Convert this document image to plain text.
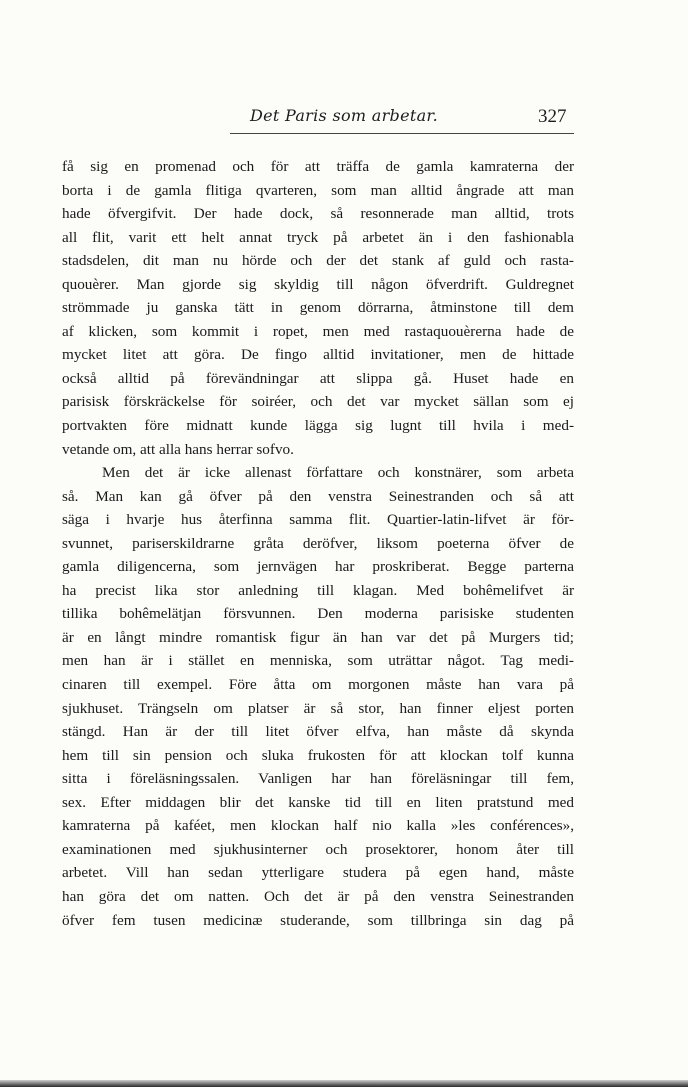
Det Paris som arbetar.	327
få sig en promenad och för att träffa de gamla kamraterna der
borta i de gamla flitiga qvarteren, som man alltid ångrade att man
hade öfvergifvit. Der hade dock, så resonnerade man alltid, trots
all flit, varit ett helt annat tryck på arbetet än i den fashionabla
stadsdelen, dit man nu hörde och der det stank af guld och rasta-
quouèrer. Man gjorde sig skyldig till någon öfverdrift. Guldregnet
strömmade ju ganska tätt in genom dörrarna, åtminstone till dem
af klicken, som kommit i ropet, men med rastaquouèrerna hade de
mycket litet att göra. De fingo alltid invitationer, men de hittade
också alltid på förevändningar att slippa gå. Huset hade en
parisisk förskräckelse för soiréer, och det var mycket sällan som ej
portvakten före midnatt kunde lägga sig lugnt till hvila i med-
vetande om, att alla hans herrar sofvo.
Men det är icke allenast författare och konstnärer, som arbeta
så. Man kan gå öfver på den venstra Seinestranden och så att
säga i hvarje hus återfinna samma flit. Quartier-latin-lifvet är för-
svunnet, pariserskildrarne gråta deröfver, liksom poeterna öfver de
gamla diligencerna, som jernvägen har proskriberat. Begge parterna
ha precist lika stor anledning till klagan. Med bohêmelifvet är
tillika bohêmelätjan försvunnen. Den moderna parisiske studenten
är en långt mindre romantisk figur än han var det på Murgers tid;
men han är i stället en menniska, som uträttar något. Tag medi-
cinaren till exempel. Före åtta om morgonen måste han vara på
sjukhuset. Trängseln om platser är så stor, han finner eljest porten
stängd. Han är der till litet öfver elfva, han måste då skynda
hem till sin pension och sluka frukosten för att klockan tolf kunna
sitta i föreläsningssalen. Vanligen har han föreläsningar till fem,
sex. Efter middagen blir det kanske tid till en liten pratstund med
kamraterna på kaféet, men klockan half nio kalla »les conférences»,
examinationen med sjukhusinterner och prosektorer, honom åter till
arbetet. Vill han sedan ytterligare studera på egen hand, måste
han göra det om natten. Och det är på den venstra Seinestranden
öfver fem tusen medicinæ studerande, som tillbringa sin dag på
